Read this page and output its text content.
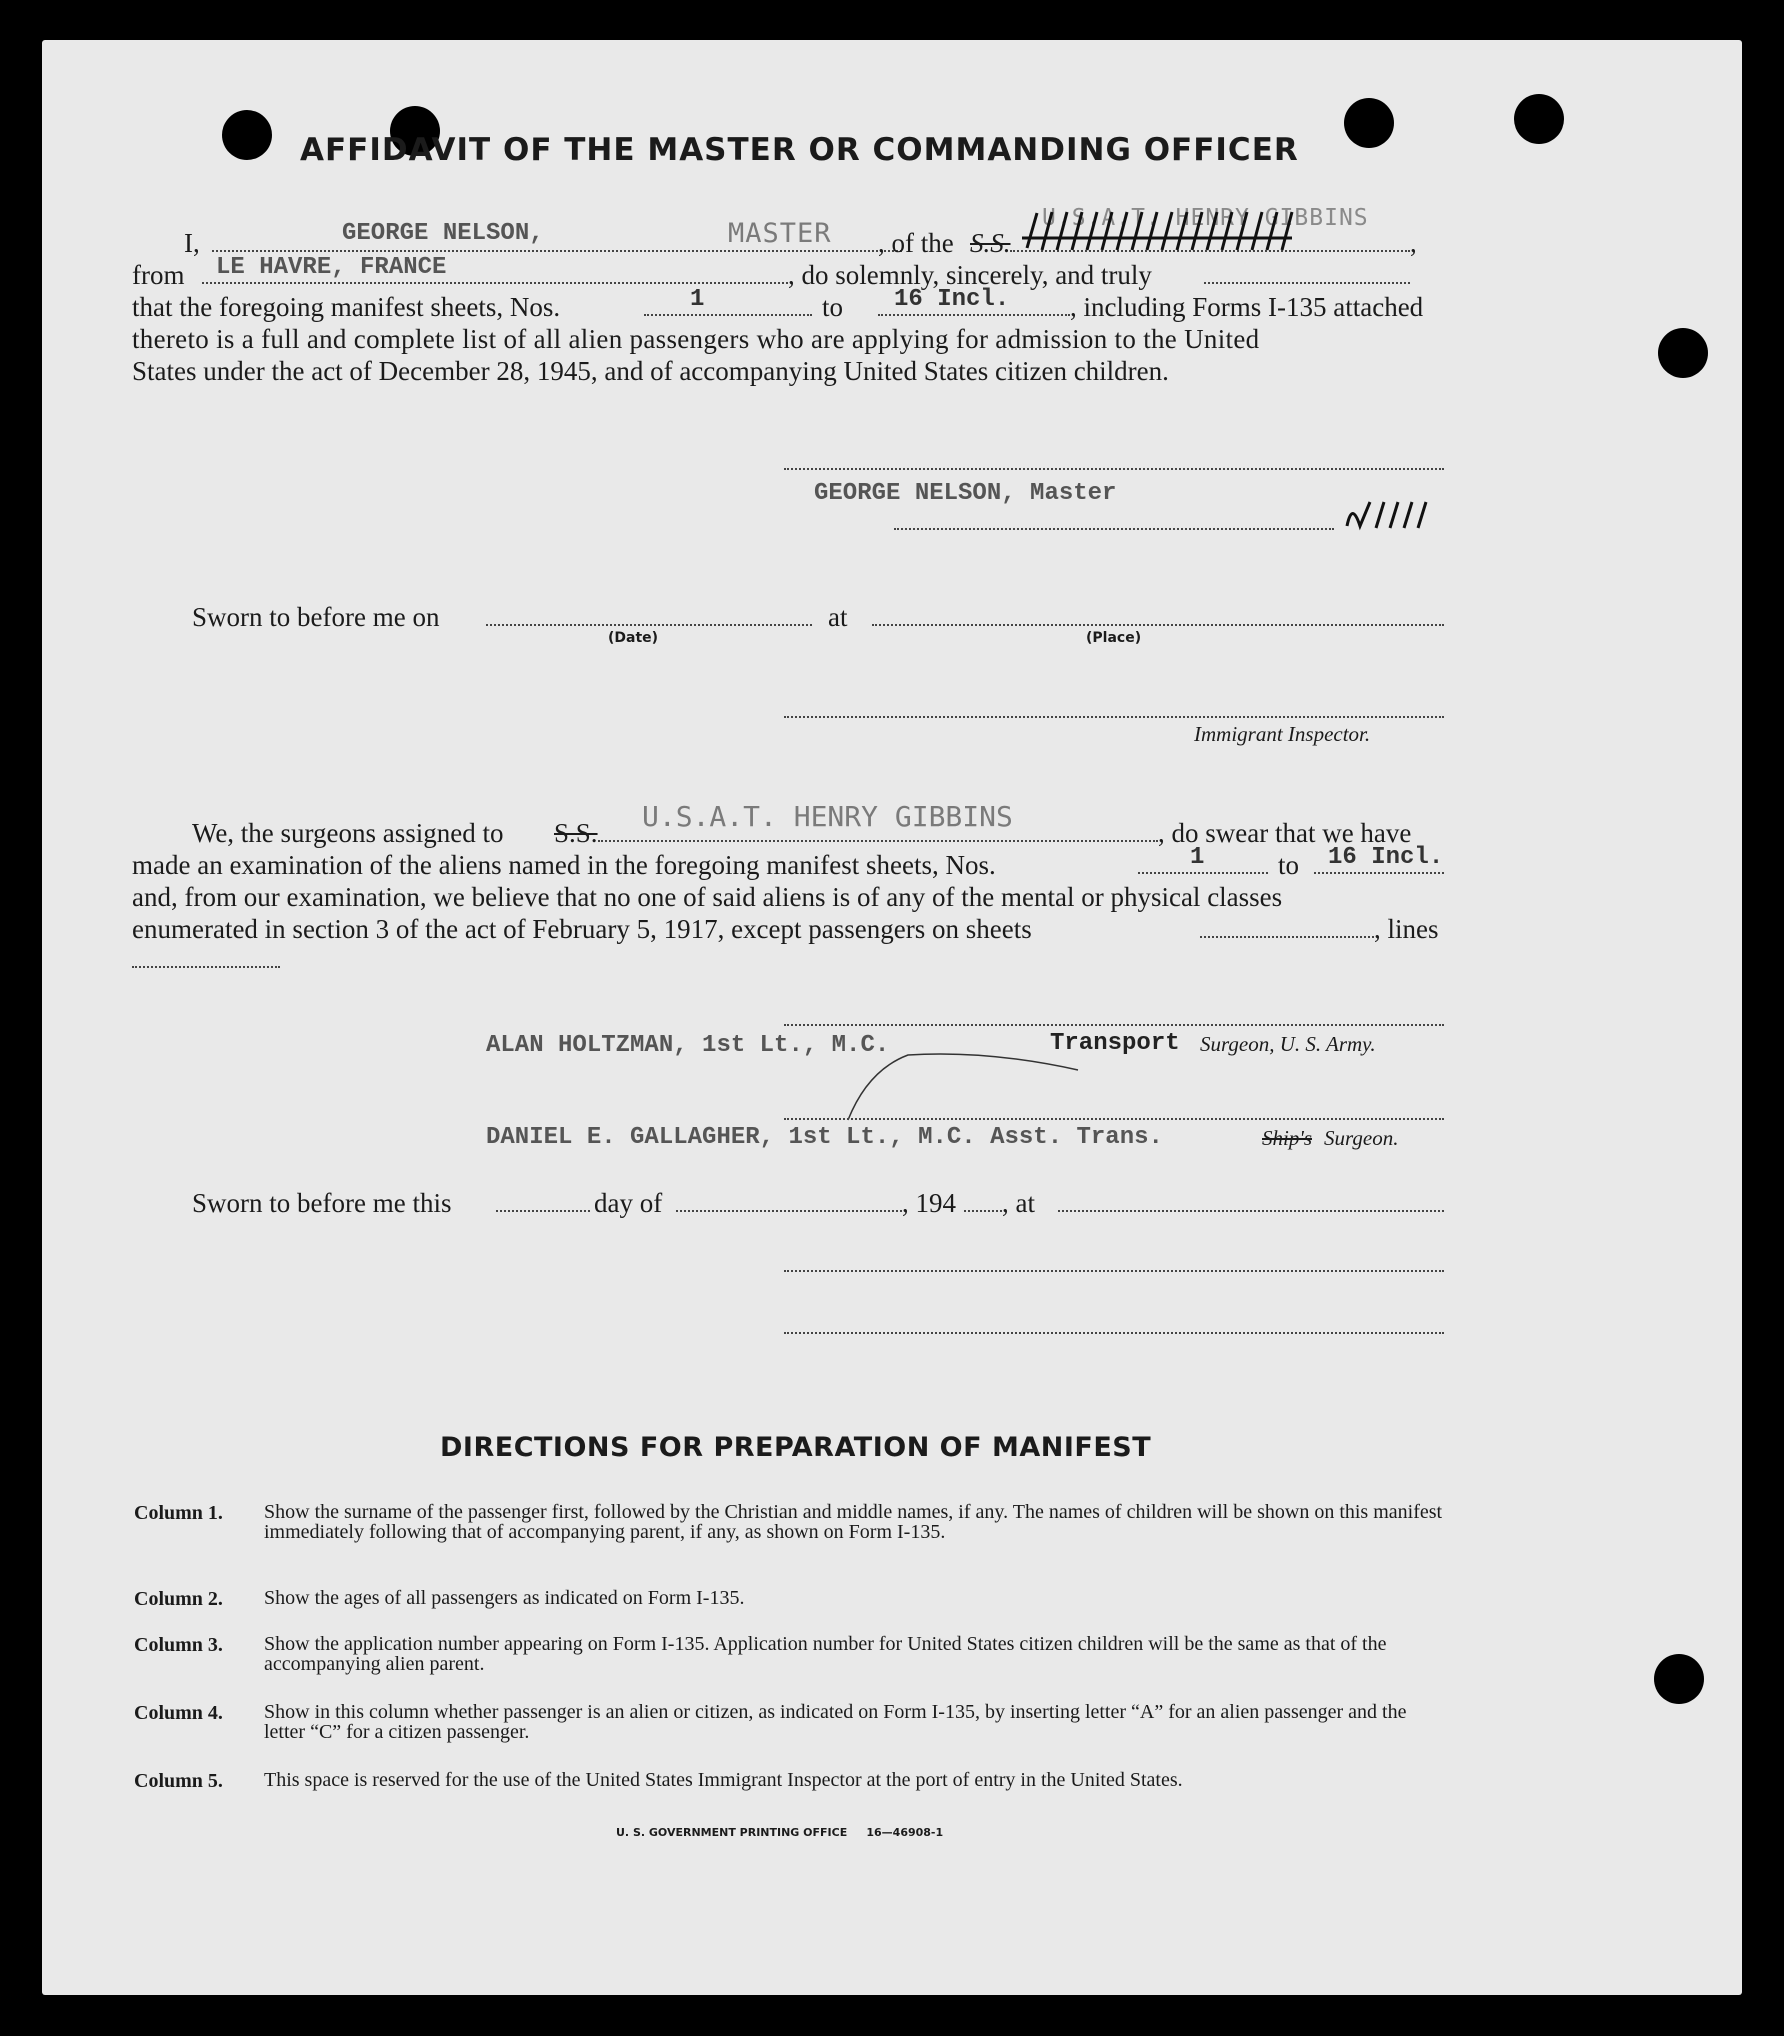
AFFIDAVIT OF THE MASTER OR COMMANDING OFFICER
I,	GEORGE NELSON,	MASTER , of the S.S.
U.S.A.T. HENRY GIBBINS
,
from LE HAVRE, FRANCE	, do solemnly, sincerely, and truly
that the foregoing manifest sheets, Nos.	1	to 16 Incl. , including Forms I-135 attached
thereto is a full and complete list of all alien passengers who are applying for admission to the United
States under the act of December 28, 1945, and of accompanying United States citizen children.
GEORGE NELSON, Master
Sworn to before me on
(Date)
at
(Place)
Immigrant Inspector.
We, the surgeons assigned to S.S. U.S.A.T. HENRY GIBBINS	, do swear that we have
made an examination of the aliens named in the foregoing manifest sheets, Nos.	1	to 16 Incl.
and, from our examination, we believe that no one of said aliens is of any of the mental or physical classes
enumerated in section 3 of the act of February 5, 1917, except passengers on sheets	, lines
ALAN HOLTZMAN, 1st Lt., M.C.	Transport Surgeon, U. S. Army.
DANIEL E. GALLAGHER, 1st Lt., M.C. Asst. Trans.	Ship's Surgeon.
Sworn to before me this	day of	, 194 , at
DIRECTIONS FOR PREPARATION OF MANIFEST
Column 1. Show the surname of the passenger first, followed by the Christian and middle names, if any. The names of children will be shown on this manifest immediately following that of accompanying parent, if any, as shown on Form I-135.
Column 2. Show the ages of all passengers as indicated on Form I-135.
Column 3. Show the application number appearing on Form I-135. Application number for United States citizen children will be the same as that of the accompanying alien parent.
Column 4. Show in this column whether passenger is an alien or citizen, as indicated on Form I-135, by inserting letter “A” for an alien passenger and the letter “C” for a citizen passenger.
Column 5. This space is reserved for the use of the United States Immigrant Inspector at the port of entry in the United States.
U. S. GOVERNMENT PRINTING OFFICE     16—46908-1
